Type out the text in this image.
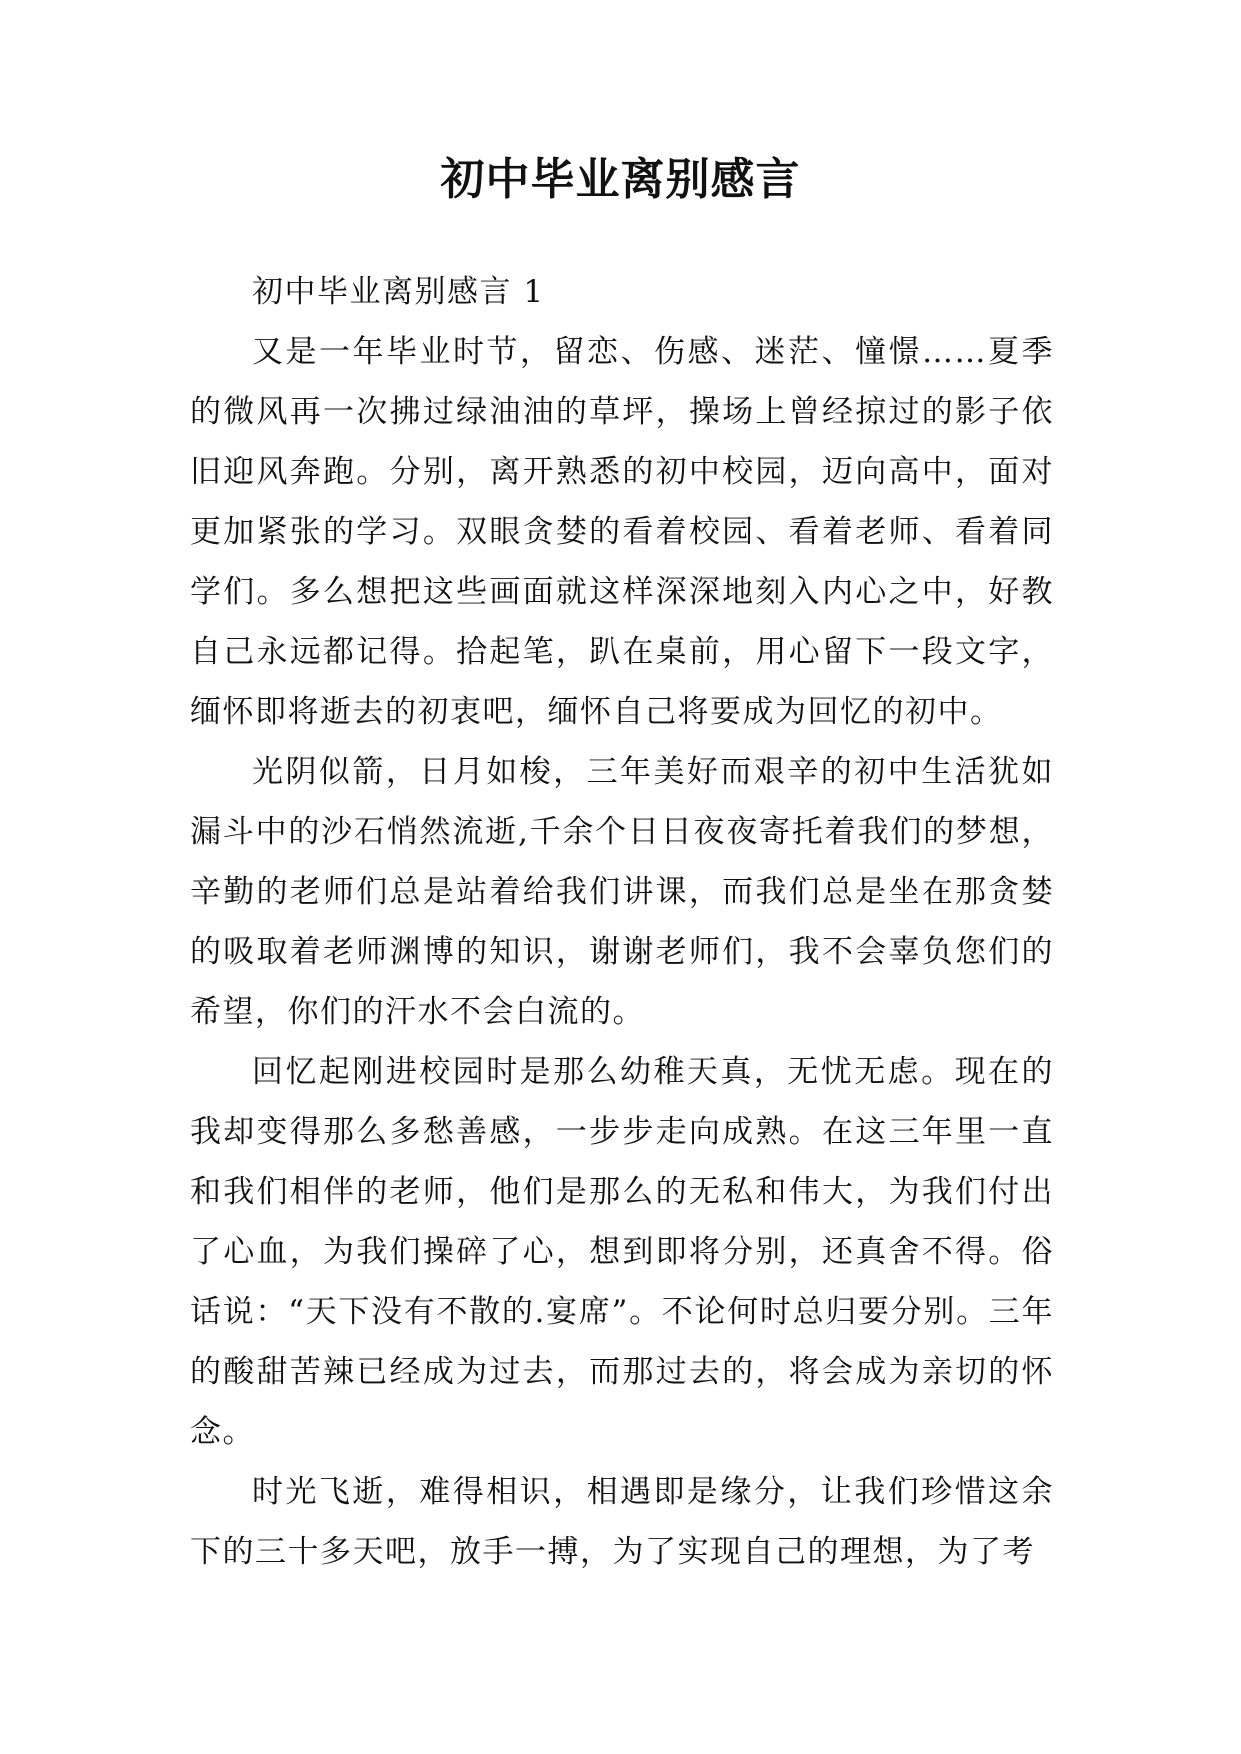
初中毕业离别感言

初中毕业离别感言 1

又是一年毕业时节，留恋、伤感、迷茫、憧憬……夏季的微风再一次拂过绿油油的草坪，操场上曾经掠过的影子依旧迎风奔跑。分别，离开熟悉的初中校园，迈向高中，面对更加紧张的学习。双眼贪婪的看着校园、看着老师、看着同学们。多么想把这些画面就这样深深地刻入内心之中，好教自己永远都记得。拾起笔，趴在桌前，用心留下一段文字，缅怀即将逝去的初衷吧，缅怀自己将要成为回忆的初中。

光阴似箭，日月如梭，三年美好而艰辛的初中生活犹如漏斗中的沙石悄然流逝,千余个日日夜夜寄托着我们的梦想，辛勤的老师们总是站着给我们讲课，而我们总是坐在那贪婪的吸取着老师渊博的知识，谢谢老师们，我不会辜负您们的希望，你们的汗水不会白流的。

回忆起刚进校园时是那么幼稚天真，无忧无虑。现在的我却变得那么多愁善感，一步步走向成熟。在这三年里一直和我们相伴的老师，他们是那么的无私和伟大，为我们付出了心血，为我们操碎了心，想到即将分别，还真舍不得。俗话说：“天下没有不散的.宴席”。不论何时总归要分别。三年的酸甜苦辣已经成为过去，而那过去的，将会成为亲切的怀念。

时光飞逝，难得相识，相遇即是缘分，让我们珍惜这余下的三十多天吧，放手一搏，为了实现自己的理想，为了考
